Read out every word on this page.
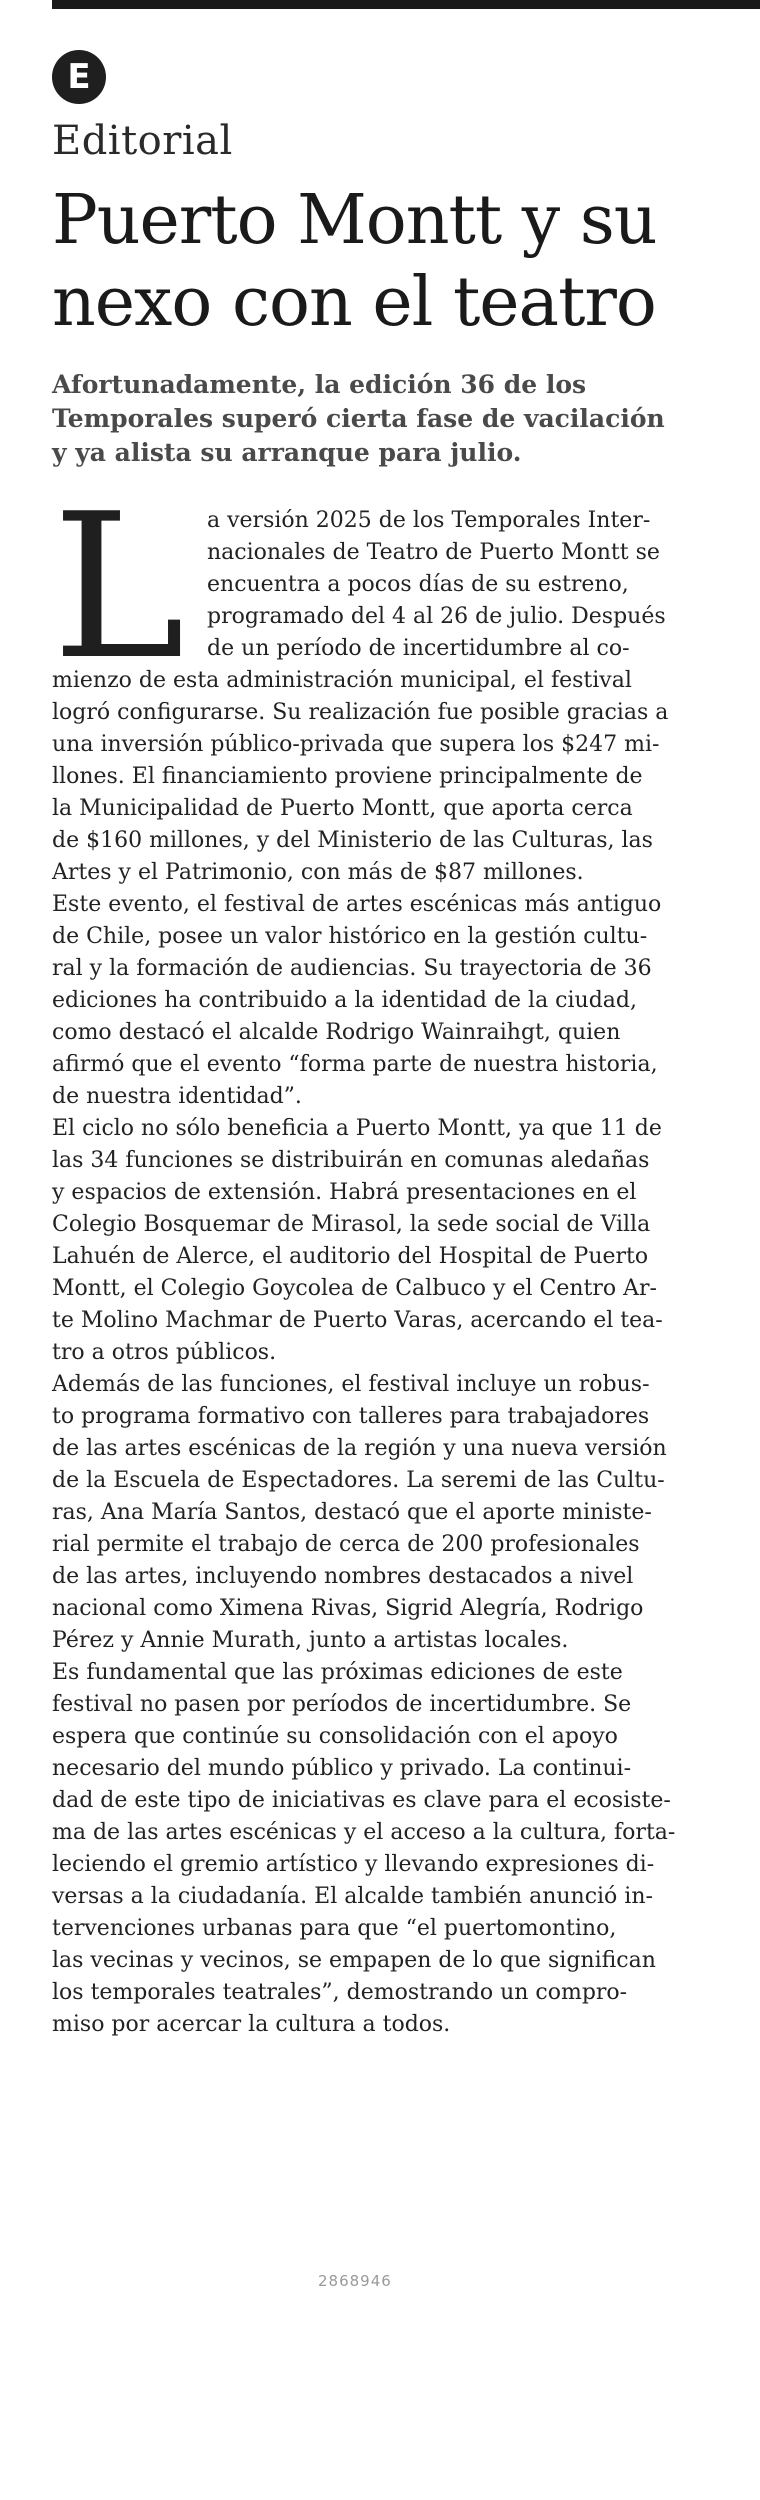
E
Editorial
Puerto Montt y su
nexo con el teatro
Afortunadamente, la edición 36 de los
Temporales superó cierta fase de vacilación
y ya alista su arranque para julio.
L	a versión 2025 de los Temporales Inter-
nacionales de Teatro de Puerto Montt se
encuentra a pocos días de su estreno,
programado del 4 al 26 de julio. Después
de un período de incertidumbre al co-
mienzo de esta administración municipal, el festival
logró configurarse. Su realización fue posible gracias a
una inversión público-privada que supera los $247 mi-
llones. El financiamiento proviene principalmente de
la Municipalidad de Puerto Montt, que aporta cerca
de $160 millones, y del Ministerio de las Culturas, las
Artes y el Patrimonio, con más de $87 millones.

Este evento, el festival de artes escénicas más antiguo
de Chile, posee un valor histórico en la gestión cultu-
ral y la formación de audiencias. Su trayectoria de 36
ediciones ha contribuido a la identidad de la ciudad,
como destacó el alcalde Rodrigo Wainraihgt, quien
afirmó que el evento “forma parte de nuestra historia,
de nuestra identidad”.

El ciclo no sólo beneficia a Puerto Montt, ya que 11 de
las 34 funciones se distribuirán en comunas aledañas
y espacios de extensión. Habrá presentaciones en el
Colegio Bosquemar de Mirasol, la sede social de Villa
Lahuén de Alerce, el auditorio del Hospital de Puerto
Montt, el Colegio Goycolea de Calbuco y el Centro Ar-
te Molino Machmar de Puerto Varas, acercando el tea-
tro a otros públicos.

Además de las funciones, el festival incluye un robus-
to programa formativo con talleres para trabajadores
de las artes escénicas de la región y una nueva versión
de la Escuela de Espectadores. La seremi de las Cultu-
ras, Ana María Santos, destacó que el aporte ministe-
rial permite el trabajo de cerca de 200 profesionales
de las artes, incluyendo nombres destacados a nivel
nacional como Ximena Rivas, Sigrid Alegría, Rodrigo
Pérez y Annie Murath, junto a artistas locales.

Es fundamental que las próximas ediciones de este
festival no pasen por períodos de incertidumbre. Se
espera que continúe su consolidación con el apoyo
necesario del mundo público y privado. La continui-
dad de este tipo de iniciativas es clave para el ecosiste-
ma de las artes escénicas y el acceso a la cultura, forta-
leciendo el gremio artístico y llevando expresiones di-
versas a la ciudadanía. El alcalde también anunció in-
tervenciones urbanas para que “el puertomontino,
las vecinas y vecinos, se empapen de lo que significan
los temporales teatrales”, demostrando un compro-
miso por acercar la cultura a todos.

2868946
